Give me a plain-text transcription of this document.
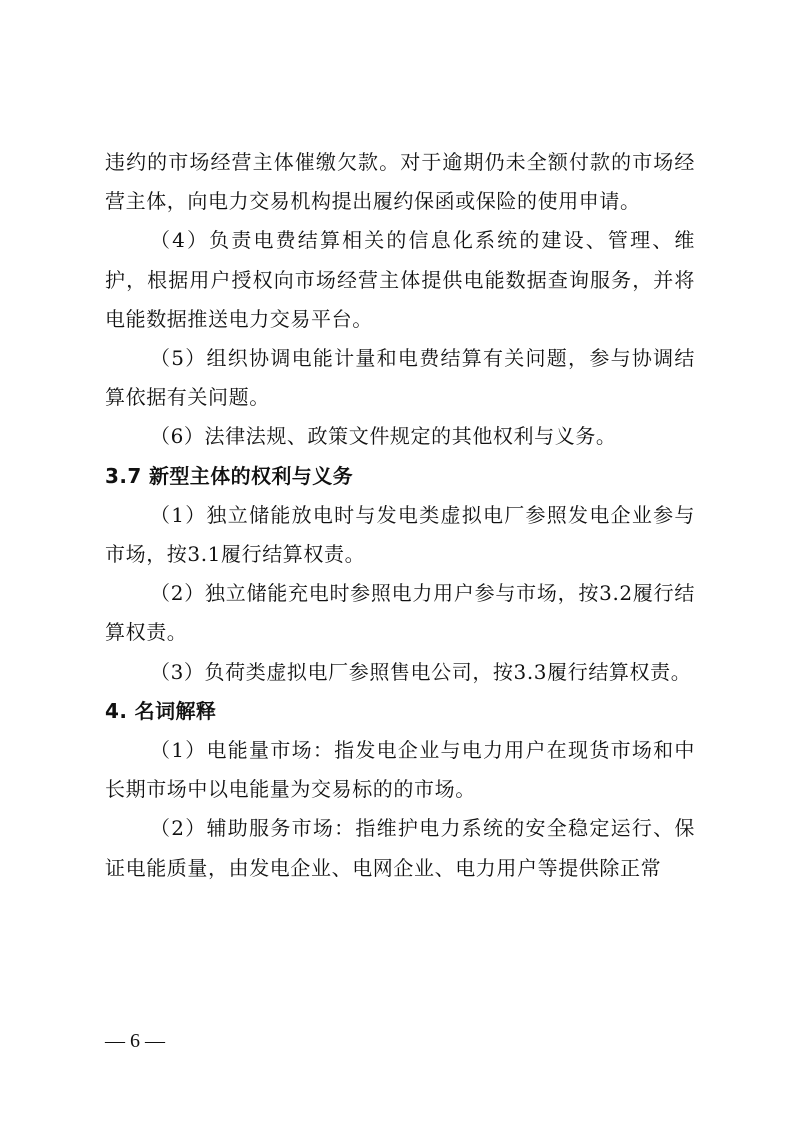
违约的市场经营主体催缴欠款。对于逾期仍未全额付款的市场经营主体，向电力交易机构提出履约保函或保险的使用申请。

（4）负责电费结算相关的信息化系统的建设、管理、维护，根据用户授权向市场经营主体提供电能数据查询服务，并将电能数据推送电力交易平台。

（5）组织协调电能计量和电费结算有关问题，参与协调结算依据有关问题。

（6）法律法规、政策文件规定的其他权利与义务。

3.7 新型主体的权利与义务

（1）独立储能放电时与发电类虚拟电厂参照发电企业参与市场，按3.1履行结算权责。

（2）独立储能充电时参照电力用户参与市场，按3.2履行结算权责。

（3）负荷类虚拟电厂参照售电公司，按3.3履行结算权责。

4. 名词解释

（1）电能量市场：指发电企业与电力用户在现货市场和中长期市场中以电能量为交易标的的市场。

（2）辅助服务市场：指维护电力系统的安全稳定运行、保证电能质量，由发电企业、电网企业、电力用户等提供除正常

— 6 —
